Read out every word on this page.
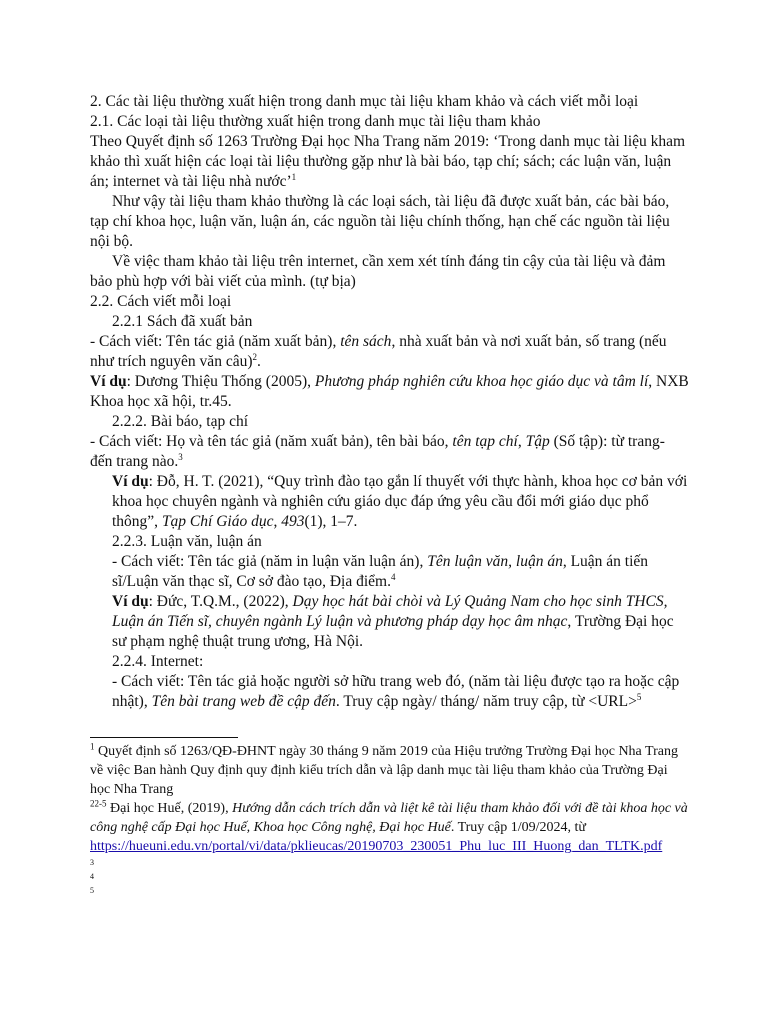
2. Các tài liệu thường xuất hiện trong danh mục tài liệu kham khảo và cách viết mỗi loại

2.1. Các loại tài liệu thường xuất hiện trong danh mục tài liệu tham khảo

Theo Quyết định số 1263 Trường Đại học Nha Trang năm 2019: ‘Trong danh mục tài liệu kham khảo thì xuất hiện các loại tài liệu thường gặp như là bài báo, tạp chí; sách; các luận văn, luận án; internet và tài liệu nhà nước’$^1$

Như vậy tài liệu tham khảo thường là các loại sách, tài liệu đã được xuất bản, các bài báo, tạp chí khoa học, luận văn, luận án, các nguồn tài liệu chính thống, hạn chế các nguồn tài liệu nội bộ.

Về việc tham khảo tài liệu trên internet, cần xem xét tính đáng tin cậy của tài liệu và đảm bảo phù hợp với bài viết của mình. (tự bịa)

2.2. Cách viết mỗi loại

2.2.1 Sách đã xuất bản

- Cách viết: Tên tác giả (năm xuất bản), tên sách, nhà xuất bản và nơi xuất bản, số trang (nếu như trích nguyên văn câu)$^2$.

Ví dụ: Dương Thiệu Thống (2005), Phương pháp nghiên cứu khoa học giáo dục và tâm lí, NXB Khoa học xã hội, tr.45.

2.2.2. Bài báo, tạp chí

- Cách viết: Họ và tên tác giả (năm xuất bản), tên bài báo, tên tạp chí, Tập (Số tập): từ trang- đến trang nào.$^3$

Ví dụ: Đỗ, H. T. (2021), “Quy trình đào tạo gắn lí thuyết với thực hành, khoa học cơ bản với khoa học chuyên ngành và nghiên cứu giáo dục đáp ứng yêu cầu đổi mới giáo dục phổ thông”, Tạp Chí Giáo dục, 493(1), 1–7.

2.2.3. Luận văn, luận án

- Cách viết: Tên tác giả (năm in luận văn luận án), Tên luận văn, luận án, Luận án tiến sĩ/Luận văn thạc sĩ, Cơ sở đào tạo, Địa điểm.$^4$

Ví dụ: Đức, T.Q.M., (2022), Dạy học hát bài chòi và Lý Quảng Nam cho học sinh THCS, Luận án Tiến sĩ, chuyên ngành Lý luận và phương pháp dạy học âm nhạc, Trường Đại học sư phạm nghệ thuật trung ương, Hà Nội.

2.2.4. Internet:

- Cách viết: Tên tác giả hoặc người sở hữu trang web đó, (năm tài liệu được tạo ra hoặc cập nhật), Tên bài trang web đề cập đến. Truy cập ngày/ tháng/ năm truy cập, từ <URL>$^5$

$^1$ Quyết định số 1263/QĐ-ĐHNT ngày 30 tháng 9 năm 2019 của Hiệu trưởng Trường Đại học Nha Trang về việc Ban hành Quy định quy định kiểu trích dẫn và lập danh mục tài liệu tham khảo của Trường Đại học Nha Trang

$^{22-5}$ Đại học Huế, (2019), Hướng dẫn cách trích dẫn và liệt kê tài liệu tham khảo đối với đề tài khoa học và công nghệ cấp Đại học Huế, Khoa học Công nghệ, Đại học Huế. Truy cập 1/09/2024, từ
https://hueuni.edu.vn/portal/vi/data/pklieucas/20190703_230051_Phu_luc_III_Huong_dan_TLTK.pdf

3

4

5
